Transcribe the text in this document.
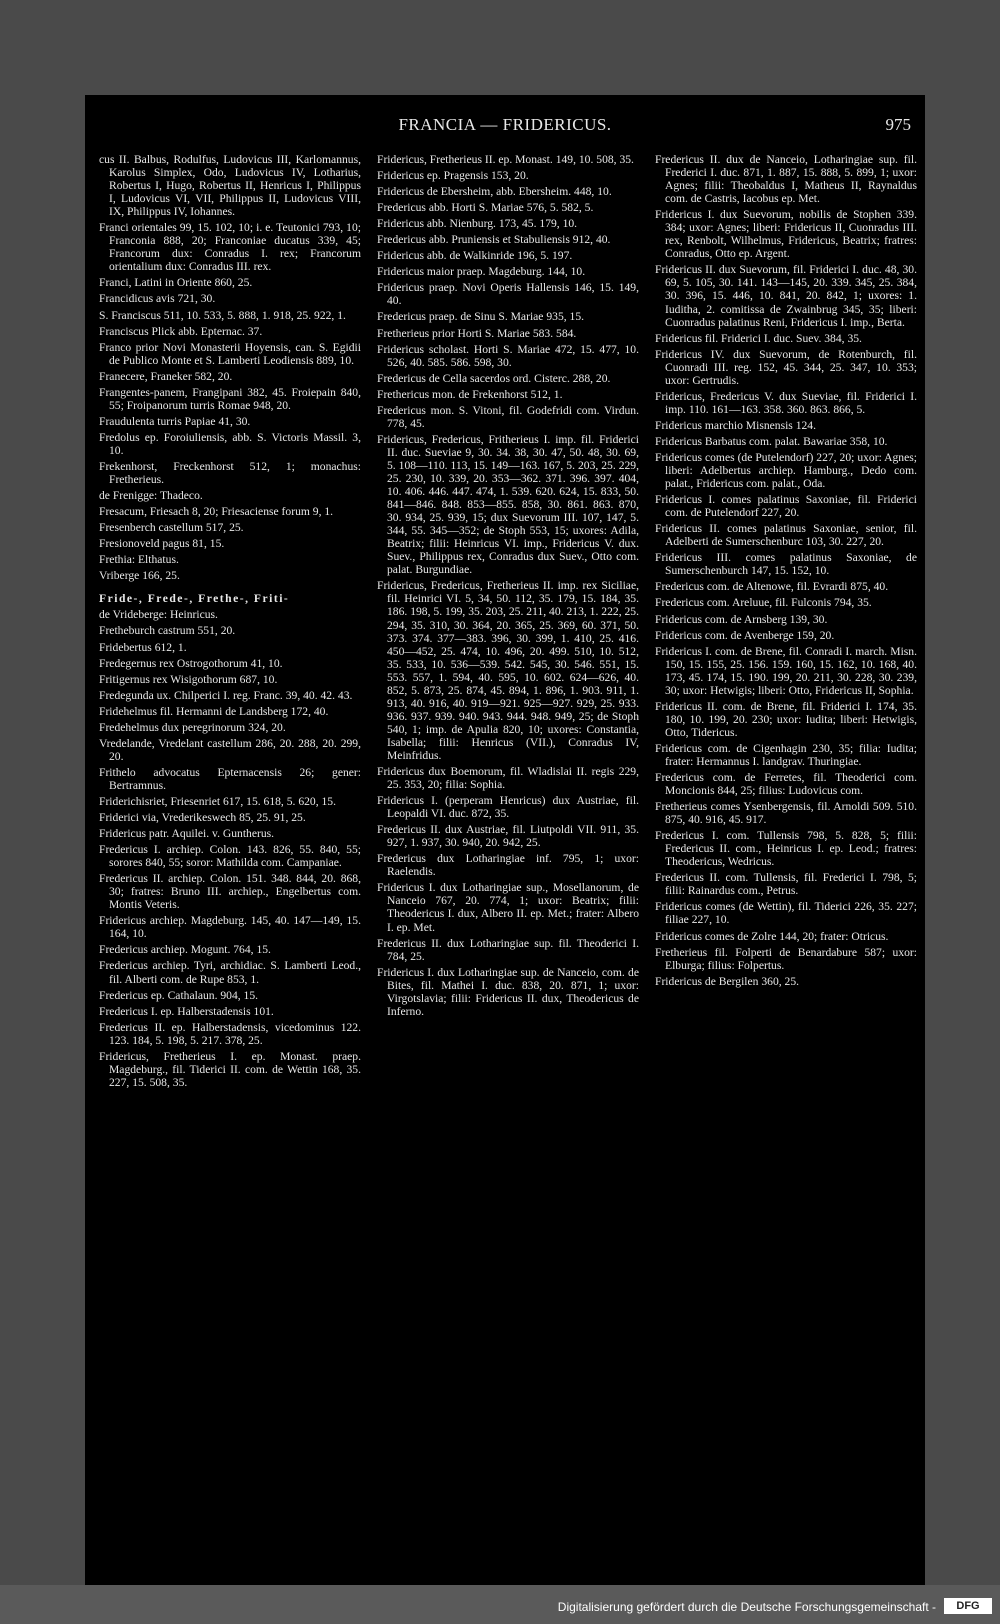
FRANCIA — FRIDERICUS.	975

cus II. Balbus, Rodulfus, Ludovicus III, Karlomannus, Karolus Simplex, Odo, Ludovicus IV, Lotharius, Robertus I, Hugo, Robertus II, Henricus I, Philippus I, Ludovicus VI, VII, Philippus II, Ludovicus VIII, IX, Philippus IV, Iohannes.

Franci orientales 99, 15. 102, 10; i. e. Teutonici 793, 10; Franconia 888, 20; Franconiae ducatus 339, 45; Francorum dux: Conradus I. rex; Francorum orientalium dux: Conradus III. rex.

Franci, Latini in Oriente 860, 25.

Francidicus avis 721, 30.

S. Franciscus 511, 10. 533, 5. 888, 1. 918, 25. 922, 1.

Franciscus Plick abb. Epternac. 37.

Franco prior Novi Monasterii Hoyensis, can. S. Egidii de Publico Monte et S. Lamberti Leodiensis 889, 10.

Franecere, Franeker 582, 20.

Frangentes-panem, Frangipani 382, 45. Froiepain 840, 55; Froipanorum turris Romae 948, 20.

Fraudulenta turris Papiae 41, 30.

Fredolus ep. Foroiuliensis, abb. S. Victoris Massil. 3, 10.

Frekenhorst, Freckenhorst 512, 1; monachus: Fretherieus.

de Frenigge: Thadeco.

Fresacum, Friesach 8, 20; Friesaciense forum 9, 1.

Fresenberch castellum 517, 25.

Fresionoveld pagus 81, 15.

Frethia: Elthatus.

Vriberge 166, 25.

Fride-, Frede-, Frethe-, Friti-

de Vrideberge: Heinricus.

Fretheburch castrum 551, 20.

Fridebertus 612, 1.

Fredegernus rex Ostrogothorum 41, 10.

Fritigernus rex Wisigothorum 687, 10.

Fredegunda ux. Chilperici I. reg. Franc. 39, 40. 42. 43.

Fridehelmus fil. Hermanni de Landsberg 172, 40.

Fredehelmus dux peregrinorum 324, 20.

Vredelande, Vredelant castellum 286, 20. 288, 20. 299, 20.

Frithelo advocatus Epternacensis 26; gener: Bertramnus.

Friderichisriet, Friesenriet 617, 15. 618, 5. 620, 15.

Friderici via, Vrederikeswech 85, 25. 91, 25.

Fridericus patr. Aquilei. v. Guntherus.

Fredericus I. archiep. Colon. 143. 826, 55. 840, 55; sorores 840, 55; soror: Mathilda com. Campaniae.

Fredericus II. archiep. Colon. 151. 348. 844, 20. 868, 30; fratres: Bruno III. archiep., Engelbertus com. Montis Veteris.

Fridericus archiep. Magdeburg. 145, 40. 147—149, 15. 164, 10.

Fredericus archiep. Mogunt. 764, 15.

Fredericus archiep. Tyri, archidiac. S. Lamberti Leod., fil. Alberti com. de Rupe 853, 1.

Fredericus ep. Cathalaun. 904, 15.

Fredericus I. ep. Halberstadensis 101.

Fredericus II. ep. Halberstadensis, vicedominus 122. 123. 184, 5. 198, 5. 217. 378, 25.

Fridericus, Fretherieus I. ep. Monast. praep. Magdeburg., fil. Tiderici II. com. de Wettin 168, 35. 227, 15. 508, 35.

Fridericus, Fretherieus II. ep. Monast. 149, 10. 508, 35.

Fridericus ep. Pragensis 153, 20.

Fridericus de Ebersheim, abb. Ebersheim. 448, 10.

Fredericus abb. Horti S. Mariae 576, 5. 582, 5.

Fridericus abb. Nienburg. 173, 45. 179, 10.

Fredericus abb. Pruniensis et Stabuliensis 912, 40.

Fridericus abb. de Walkinride 196, 5. 197.

Fridericus maior praep. Magdeburg. 144, 10.

Fridericus praep. Novi Operis Hallensis 146, 15. 149, 40.

Fredericus praep. de Sinu S. Mariae 935, 15.

Fretherieus prior Horti S. Mariae 583. 584.

Fridericus scholast. Horti S. Mariae 472, 15. 477, 10. 526, 40. 585. 586. 598, 30.

Fredericus de Cella sacerdos ord. Cisterc. 288, 20.

Frethericus mon. de Frekenhorst 512, 1.

Fredericus mon. S. Vitoni, fil. Godefridi com. Virdun. 778, 45.

Fridericus, Fredericus, Fritherieus I. imp. fil. Friderici II. duc. Sueviae 9, 30. 34. 38, 30. 47, 50. 48, 30. 69, 5. 108—110. 113, 15. 149—163. 167, 5. 203, 25. 229, 25. 230, 10. 339, 20. 353—362. 371. 396. 397. 404, 10. 406. 446. 447. 474, 1. 539. 620. 624, 15. 833, 50. 841—846. 848. 853—855. 858, 30. 861. 863. 870, 30. 934, 25. 939, 15; dux Suevorum III. 107, 147, 5. 344, 55. 345—352; de Stoph 553, 15; uxores: Adila, Beatrix; filii: Heinricus VI. imp., Fridericus V. dux. Suev., Philippus rex, Conradus dux Suev., Otto com. palat. Burgundiae.

Fridericus, Fredericus, Fretherieus II. imp. rex Siciliae, fil. Heinrici VI. 5, 34, 50. 112, 35. 179, 15. 184, 35. 186. 198, 5. 199, 35. 203, 25. 211, 40. 213, 1. 222, 25. 294, 35. 310, 30. 364, 20. 365, 25. 369, 60. 371, 50. 373. 374. 377—383. 396, 30. 399, 1. 410, 25. 416. 450—452, 25. 474, 10. 496, 20. 499. 510, 10. 512, 35. 533, 10. 536—539. 542. 545, 30. 546. 551, 15. 553. 557, 1. 594, 40. 595, 10. 602. 624—626, 40. 852, 5. 873, 25. 874, 45. 894, 1. 896, 1. 903. 911, 1. 913, 40. 916, 40. 919—921. 925—927. 929, 25. 933. 936. 937. 939. 940. 943. 944. 948. 949, 25; de Stoph 540, 1; imp. de Apulia 820, 10; uxores: Constantia, Isabella; filii: Henricus (VII.), Conradus IV, Meinfridus.

Fridericus dux Boemorum, fil. Wladislai II. regis 229, 25. 353, 20; filia: Sophia.

Fridericus I. (perperam Henricus) dux Austriae, fil. Leopaldi VI. duc. 872, 35.

Fredericus II. dux Austriae, fil. Liutpoldi VII. 911, 35. 927, 1. 937, 30. 940, 20. 942, 25.

Fredericus dux Lotharingiae inf. 795, 1; uxor: Raelendis.

Fridericus I. dux Lotharingiae sup., Mosellanorum, de Nanceio 767, 20. 774, 1; uxor: Beatrix; filii: Theodericus I. dux, Albero II. ep. Met.; frater: Albero I. ep. Met.

Fredericus II. dux Lotharingiae sup. fil. Theoderici I. 784, 25.

Fridericus I. dux Lotharingiae sup. de Nanceio, com. de Bites, fil. Mathei I. duc. 838, 20. 871, 1; uxor: Virgotslavia; filii: Fridericus II. dux, Theodericus de Inferno.

Fredericus II. dux de Nanceio, Lotharingiae sup. fil. Frederici I. duc. 871, 1. 887, 15. 888, 5. 899, 1; uxor: Agnes; filii: Theobaldus I, Matheus II, Raynaldus com. de Castris, Iacobus ep. Met.

Fridericus I. dux Suevorum, nobilis de Stophen 339. 384; uxor: Agnes; liberi: Fridericus II, Cuonradus III. rex, Renbolt, Wilhelmus, Fridericus, Beatrix; fratres: Conradus, Otto ep. Argent.

Fridericus II. dux Suevorum, fil. Friderici I. duc. 48, 30. 69, 5. 105, 30. 141. 143—145, 20. 339. 345, 25. 384, 30. 396, 15. 446, 10. 841, 20. 842, 1; uxores: 1. Iuditha, 2. comitissa de Zwainbrug 345, 35; liberi: Cuonradus palatinus Reni, Fridericus I. imp., Berta.

Fridericus fil. Friderici I. duc. Suev. 384, 35.

Fridericus IV. dux Suevorum, de Rotenburch, fil. Cuonradi III. reg. 152, 45. 344, 25. 347, 10. 353; uxor: Gertrudis.

Fridericus, Fredericus V. dux Sueviae, fil. Friderici I. imp. 110. 161—163. 358. 360. 863. 866, 5.

Fridericus marchio Misnensis 124.

Fridericus Barbatus com. palat. Bawariae 358, 10.

Fridericus comes (de Putelendorf) 227, 20; uxor: Agnes; liberi: Adelbertus archiep. Hamburg., Dedo com. palat., Fridericus com. palat., Oda.

Fridericus I. comes palatinus Saxoniae, fil. Friderici com. de Putelendorf 227, 20.

Fridericus II. comes palatinus Saxoniae, senior, fil. Adelberti de Sumerschenburc 103, 30. 227, 20.

Fridericus III. comes palatinus Saxoniae, de Sumerschenburch 147, 15. 152, 10.

Fredericus com. de Altenowe, fil. Evrardi 875, 40.

Fredericus com. Areluue, fil. Fulconis 794, 35.

Fridericus com. de Arnsberg 139, 30.

Fridericus com. de Avenberge 159, 20.

Fridericus I. com. de Brene, fil. Conradi I. march. Misn. 150, 15. 155, 25. 156. 159. 160, 15. 162, 10. 168, 40. 173, 45. 174, 15. 190. 199, 20. 211, 30. 228, 30. 239, 30; uxor: Hetwigis; liberi: Otto, Fridericus II, Sophia.

Fridericus II. com. de Brene, fil. Friderici I. 174, 35. 180, 10. 199, 20. 230; uxor: Iudita; liberi: Hetwigis, Otto, Tidericus.

Fridericus com. de Cigenhagin 230, 35; filia: Iudita; frater: Hermannus I. landgrav. Thuringiae.

Fredericus com. de Ferretes, fil. Theoderici com. Moncionis 844, 25; filius: Ludovicus com.

Fretherieus comes Ysenbergensis, fil. Arnoldi 509. 510. 875, 40. 916, 45. 917.

Fredericus I. com. Tullensis 798, 5. 828, 5; filii: Fredericus II. com., Heinricus I. ep. Leod.; fratres: Theodericus, Wedricus.

Fredericus II. com. Tullensis, fil. Frederici I. 798, 5; filii: Rainardus com., Petrus.

Fridericus comes (de Wettin), fil. Tiderici 226, 35. 227; filiae 227, 10.

Fridericus comes de Zolre 144, 20; frater: Otricus.

Fretherieus fil. Folperti de Benardabure 587; uxor: Elburga; filius: Folpertus.

Fridericus de Bergilen 360, 25.

Digitalisierung gefördert durch die Deutsche Forschungsgemeinschaft -	DFG
